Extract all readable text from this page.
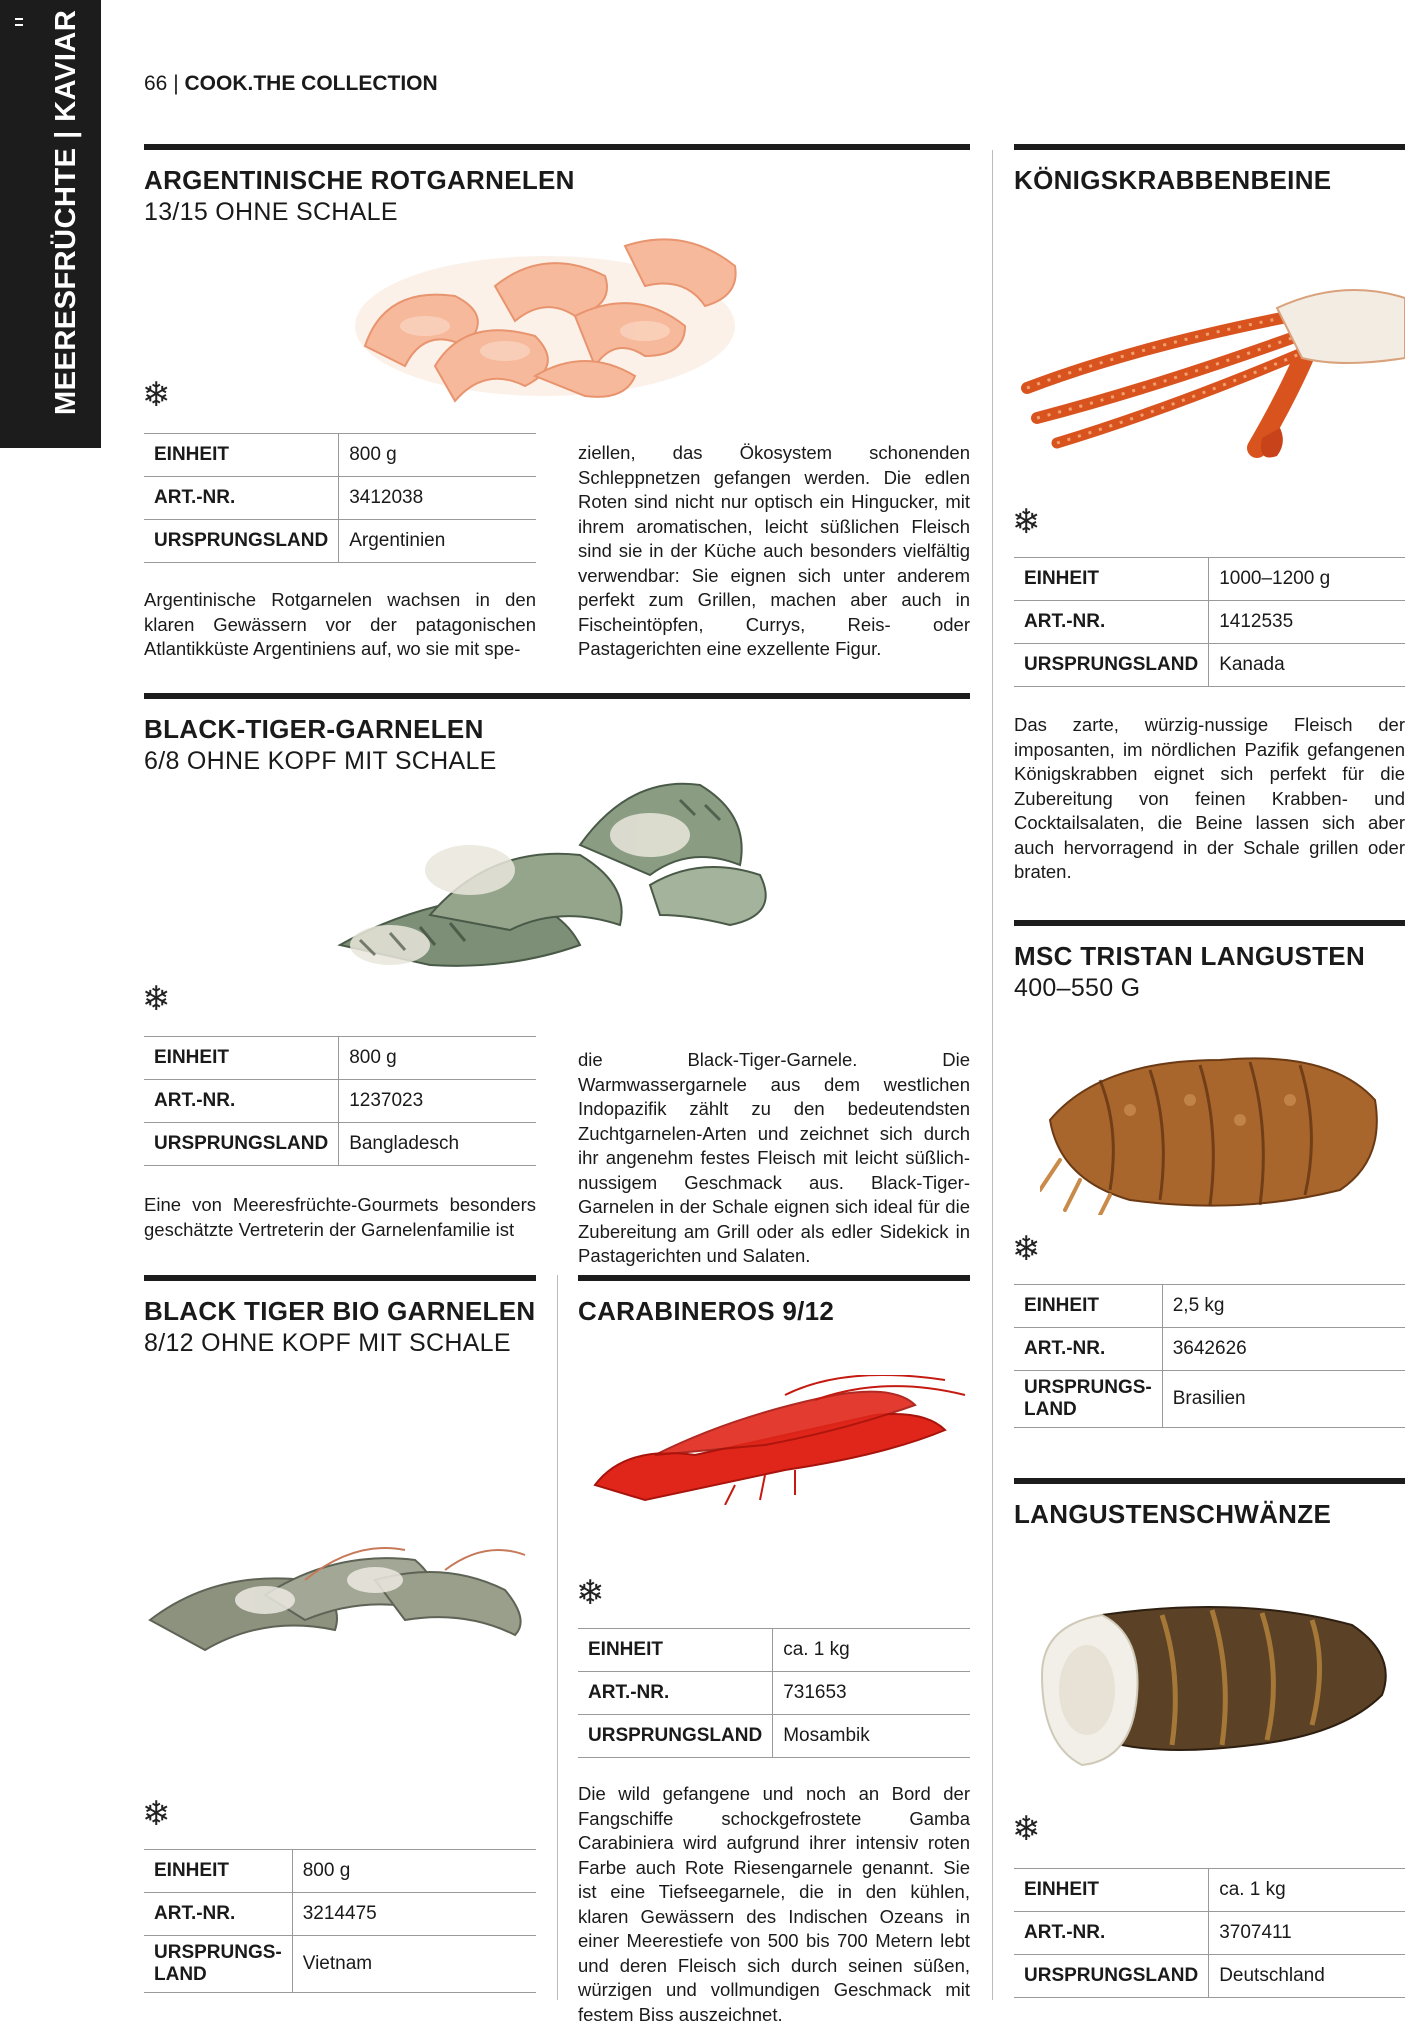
MEERESFRÜCHTE | KAVIAR	66 | COOK.THE COLLECTION
ARGENTINISCHE ROTGARNELEN
13/15 OHNE SCHALE
❄
EINHEIT	800 g
ART.-NR.	3412038
URSPRUNGSLAND	Argentinien
Argentinische Rotgarnelen wachsen in den klaren Gewässern vor der patagonischen Atlantikküste Argentiniens auf, wo sie mit spe-
ziellen, das Ökosystem schonenden Schleppnetzen gefangen werden. Die edlen Roten sind nicht nur optisch ein Hingucker, mit ihrem aromatischen, leicht süßlichen Fleisch sind sie in der Küche auch besonders vielfältig verwendbar: Sie eignen sich unter anderem perfekt zum Grillen, machen aber auch in Fischeintöpfen, Currys, Reis- oder Pastagerichten eine exzellente Figur.
KÖNIGSKRABBENBEINE
❄
EINHEIT	1000–1200 g
ART.-NR.	1412535
URSPRUNGSLAND	Kanada
Das zarte, würzig-nussige Fleisch der imposanten, im nördlichen Pazifik gefangenen Königskrabben eignet sich perfekt für die Zubereitung von feinen Krabben- und Cocktailsalaten, die Beine lassen sich aber auch hervorragend in der Schale grillen oder braten.
BLACK-TIGER-GARNELEN
6/8 OHNE KOPF MIT SCHALE
❄
EINHEIT	800 g
ART.-NR.	1237023
URSPRUNGSLAND	Bangladesch
Eine von Meeresfrüchte-Gourmets besonders geschätzte Vertreterin der Garnelenfamilie ist
die Black-Tiger-Garnele. Die Warmwassergarnele aus dem westlichen Indopazifik zählt zu den bedeutendsten Zuchtgarnelen-Arten und zeichnet sich durch ihr angenehm festes Fleisch mit leicht süßlich-nussigem Geschmack aus. Black-Tiger-Garnelen in der Schale eignen sich ideal für die Zubereitung am Grill oder als edler Sidekick in Pastagerichten und Salaten.
MSC TRISTAN LANGUSTEN
400–550 G
❄
EINHEIT	2,5 kg
ART.-NR.	3642626
URSPRUNGS-
LAND	Brasilien
BLACK TIGER BIO GARNELEN
8/12 OHNE KOPF MIT SCHALE
❄
EINHEIT	800 g
ART.-NR.	3214475
URSPRUNGS-
LAND	Vietnam
CARABINEROS 9/12
❄
EINHEIT	ca. 1 kg
ART.-NR.	731653
URSPRUNGSLAND	Mosambik
Die wild gefangene und noch an Bord der Fangschiffe schockgefrostete Gamba Carabiniera wird aufgrund ihrer intensiv roten Farbe auch Rote Riesengarnele genannt. Sie ist eine Tiefseegarnele, die in den kühlen, klaren Gewässern des Indischen Ozeans in einer Meerestiefe von 500 bis 700 Metern lebt und deren Fleisch sich durch seinen süßen, würzigen und vollmundigen Geschmack mit festem Biss auszeichnet.
LANGUSTENSCHWÄNZE
❄
EINHEIT	ca. 1 kg
ART.-NR.	3707411
URSPRUNGSLAND	Deutschland
